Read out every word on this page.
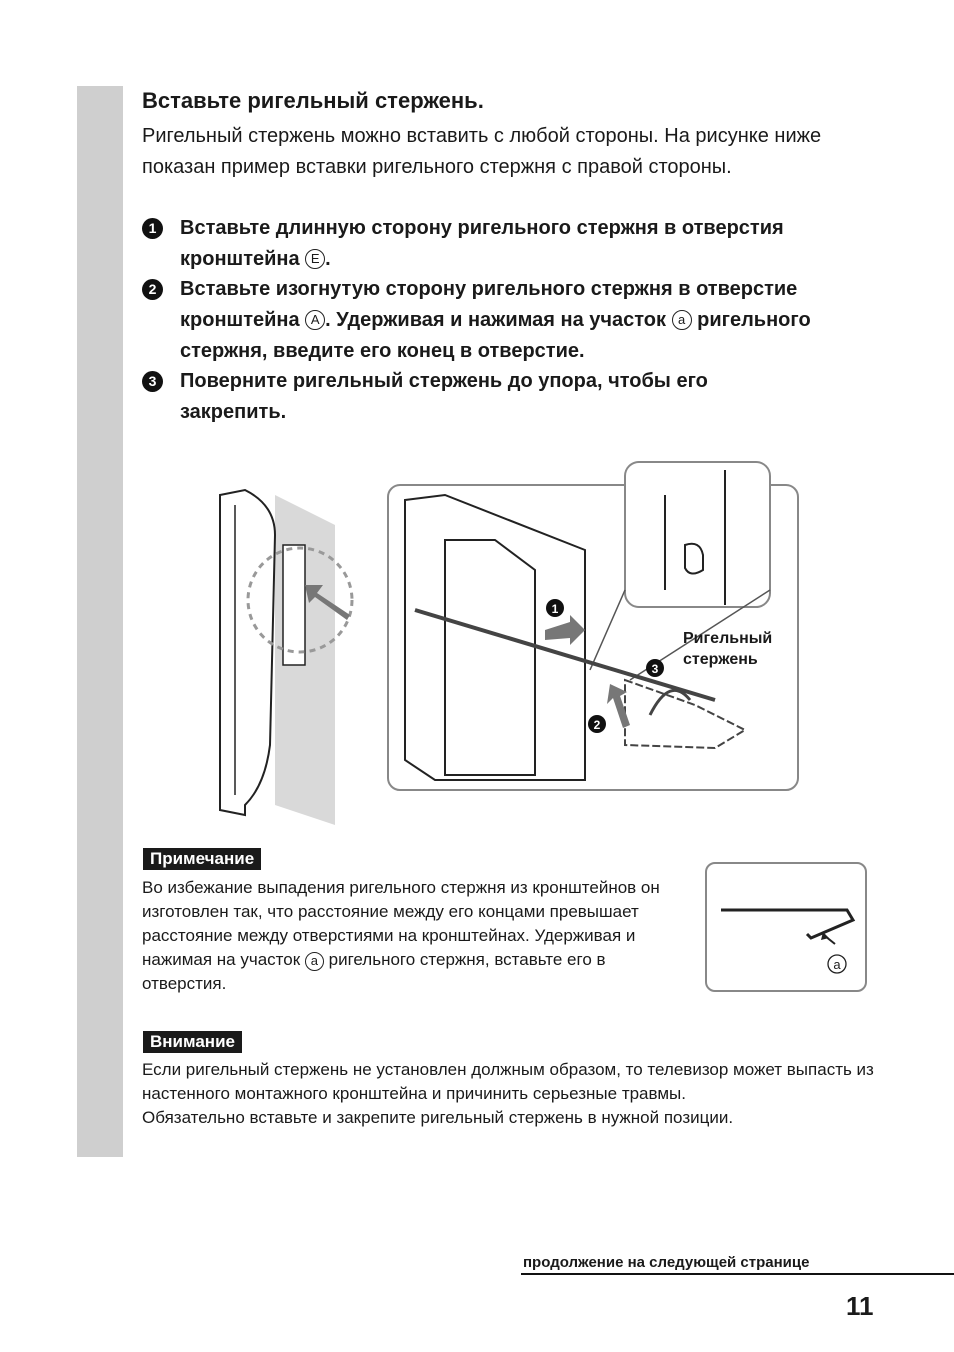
Вставьте ригельный стержень.

Ригельный стержень можно вставить с любой стороны. На рисунке ниже показан пример вставки ригельного стержня с правой стороны.

1	Вставьте длинную сторону ригельного стержня в отверстия кронштейна E .
2	Вставьте изогнутую сторону ригельного стержня в отверстие кронштейна A . Удерживая и нажимая на участок a ригельного стержня, введите его конец в отверстие.
3	Поверните ригельный стержень до упора, чтобы его
закрепить.
1
2
3
Ригельный
стержень
Примечание
Во избежание выпадения ригельного стержня из кронштейнов он изготовлен так, что расстояние между его концами превышает расстояние между отверстиями на кронштейнах. Удерживая и нажимая на участок a ригельного стержня, вставьте его в отверстия.
a
Внимание

Если ригельный стержень не установлен должным образом, то телевизор может выпасть из настенного монтажного кронштейна и причинить серьезные травмы.

Обязательно вставьте и закрепите ригельный стержень в нужной позиции.

продолжение на следующей странице
11
